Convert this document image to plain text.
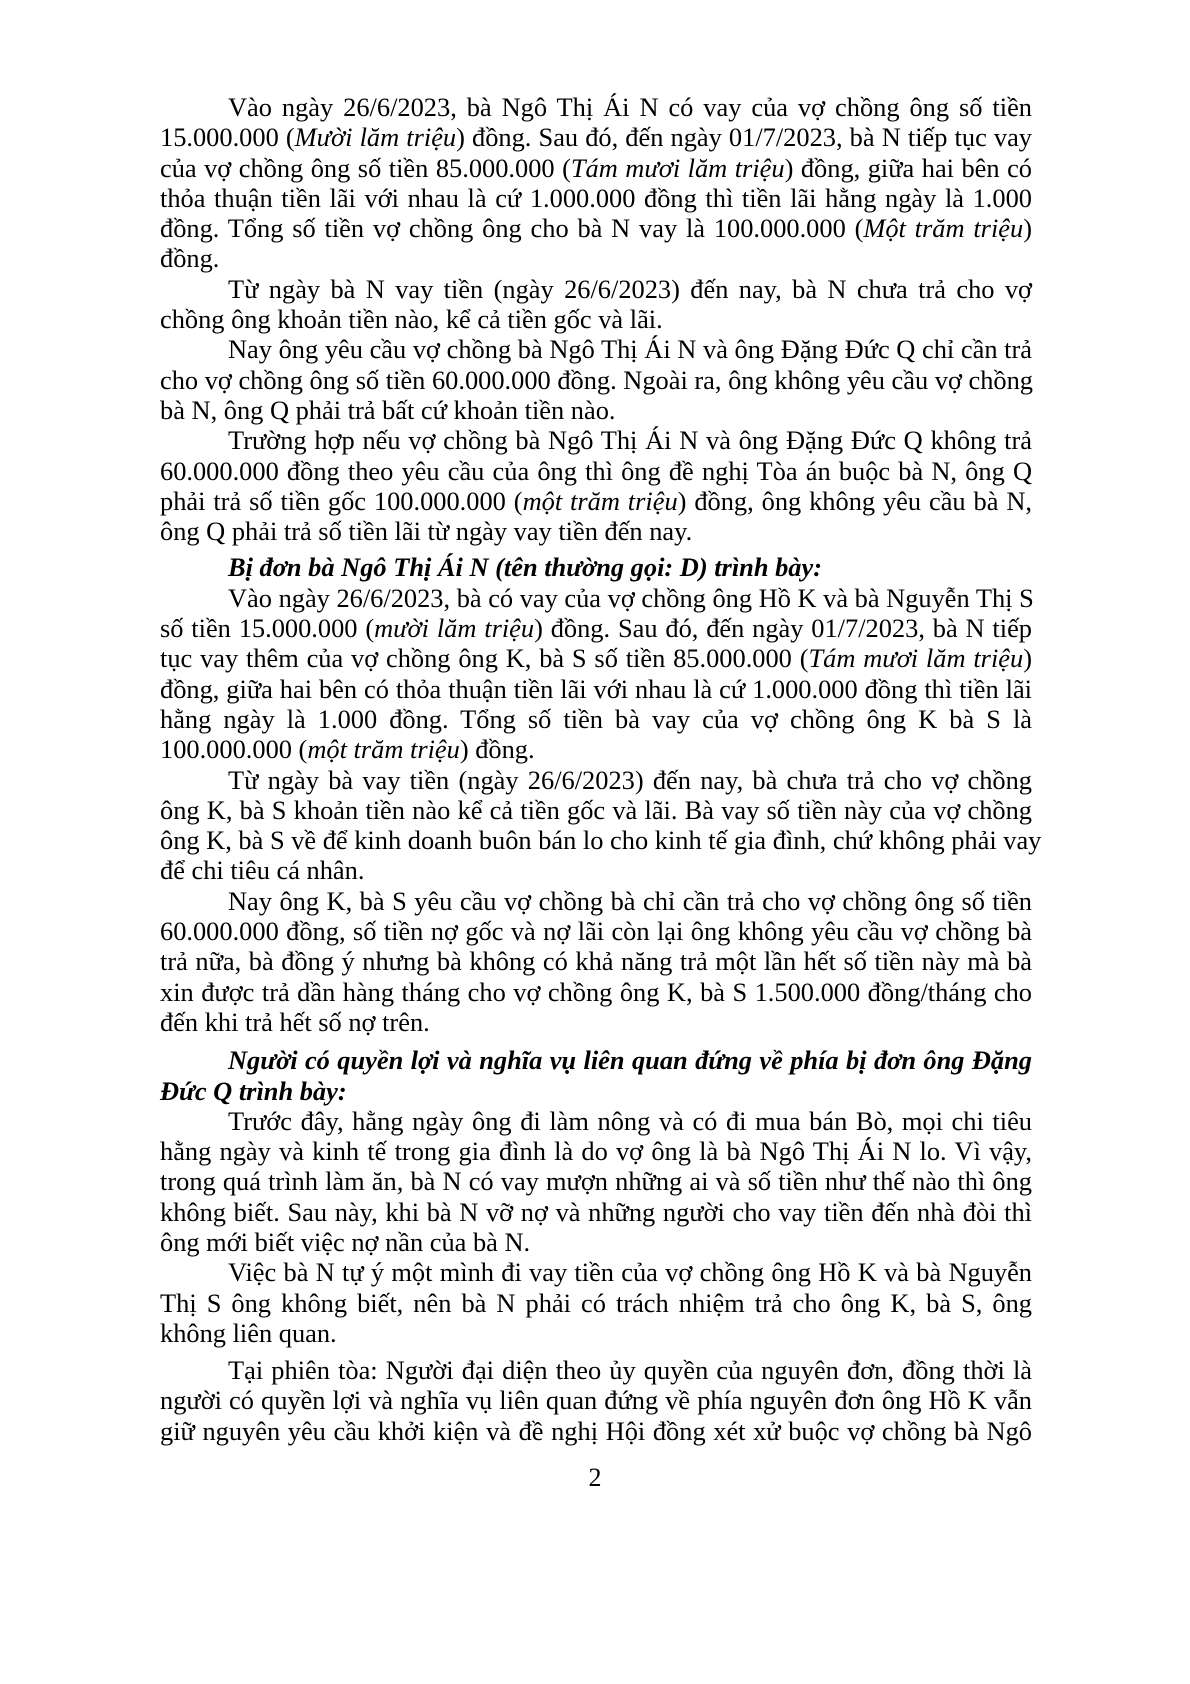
Vào ngày 26/6/2023, bà Ngô Thị Ái N có vay của vợ chồng ông số tiền
15.000.000 (Mười lăm triệu) đồng. Sau đó, đến ngày 01/7/2023, bà N tiếp tục vay
của vợ chồng ông số tiền 85.000.000 (Tám mươi lăm triệu) đồng, giữa hai bên có
thỏa thuận tiền lãi với nhau là cứ 1.000.000 đồng thì tiền lãi hằng ngày là 1.000
đồng. Tổng số tiền vợ chồng ông cho bà N vay là 100.000.000 (Một trăm triệu)
đồng.
Từ ngày bà N vay tiền (ngày 26/6/2023) đến nay, bà N chưa trả cho vợ
chồng ông khoản tiền nào, kể cả tiền gốc và lãi.
Nay ông yêu cầu vợ chồng bà Ngô Thị Ái N và ông Đặng Đức Q chỉ cần trả
cho vợ chồng ông số tiền 60.000.000 đồng. Ngoài ra, ông không yêu cầu vợ chồng
bà N, ông Q phải trả bất cứ khoản tiền nào.
Trường hợp nếu vợ chồng bà Ngô Thị Ái N và ông Đặng Đức Q không trả
60.000.000 đồng theo yêu cầu của ông thì ông đề nghị Tòa án buộc bà N, ông Q
phải trả số tiền gốc 100.000.000 (một trăm triệu) đồng, ông không yêu cầu bà N,
ông Q phải trả số tiền lãi từ ngày vay tiền đến nay.
Bị đơn bà Ngô Thị Ái N (tên thường gọi: D) trình bày:
Vào ngày 26/6/2023, bà có vay của vợ chồng ông Hồ K và bà Nguyễn Thị S
số tiền 15.000.000 (mười lăm triệu) đồng. Sau đó, đến ngày 01/7/2023, bà N tiếp
tục vay thêm của vợ chồng ông K, bà S số tiền 85.000.000 (Tám mươi lăm triệu)
đồng, giữa hai bên có thỏa thuận tiền lãi với nhau là cứ 1.000.000 đồng thì tiền lãi
hằng ngày là 1.000 đồng. Tổng số tiền bà vay của vợ chồng ông K bà S là
100.000.000 (một trăm triệu) đồng.
Từ ngày bà vay tiền (ngày 26/6/2023) đến nay, bà chưa trả cho vợ chồng
ông K, bà S khoản tiền nào kể cả tiền gốc và lãi. Bà vay số tiền này của vợ chồng
ông K, bà S về để kinh doanh buôn bán lo cho kinh tế gia đình, chứ không phải vay
để chi tiêu cá nhân.
Nay ông K, bà S yêu cầu vợ chồng bà chỉ cần trả cho vợ chồng ông số tiền
60.000.000 đồng, số tiền nợ gốc và nợ lãi còn lại ông không yêu cầu vợ chồng bà
trả nữa, bà đồng ý nhưng bà không có khả năng trả một lần hết số tiền này mà bà
xin được trả dần hàng tháng cho vợ chồng ông K, bà S 1.500.000 đồng/tháng cho
đến khi trả hết số nợ trên.
Người có quyền lợi và nghĩa vụ liên quan đứng về phía bị đơn ông Đặng
Đức Q trình bày:
Trước đây, hằng ngày ông đi làm nông và có đi mua bán Bò, mọi chi tiêu
hằng ngày và kinh tế trong gia đình là do vợ ông là bà Ngô Thị Ái N lo. Vì vậy,
trong quá trình làm ăn, bà N có vay mượn những ai và số tiền như thế nào thì ông
không biết. Sau này, khi bà N vỡ nợ và những người cho vay tiền đến nhà đòi thì
ông mới biết việc nợ nần của bà N.
Việc bà N tự ý một mình đi vay tiền của vợ chồng ông Hồ K và bà Nguyễn
Thị S ông không biết, nên bà N phải có trách nhiệm trả cho ông K, bà S, ông
không liên quan.
Tại phiên tòa: Người đại diện theo ủy quyền của nguyên đơn, đồng thời là
người có quyền lợi và nghĩa vụ liên quan đứng về phía nguyên đơn ông Hồ K vẫn
giữ nguyên yêu cầu khởi kiện và đề nghị Hội đồng xét xử buộc vợ chồng bà Ngô
2
